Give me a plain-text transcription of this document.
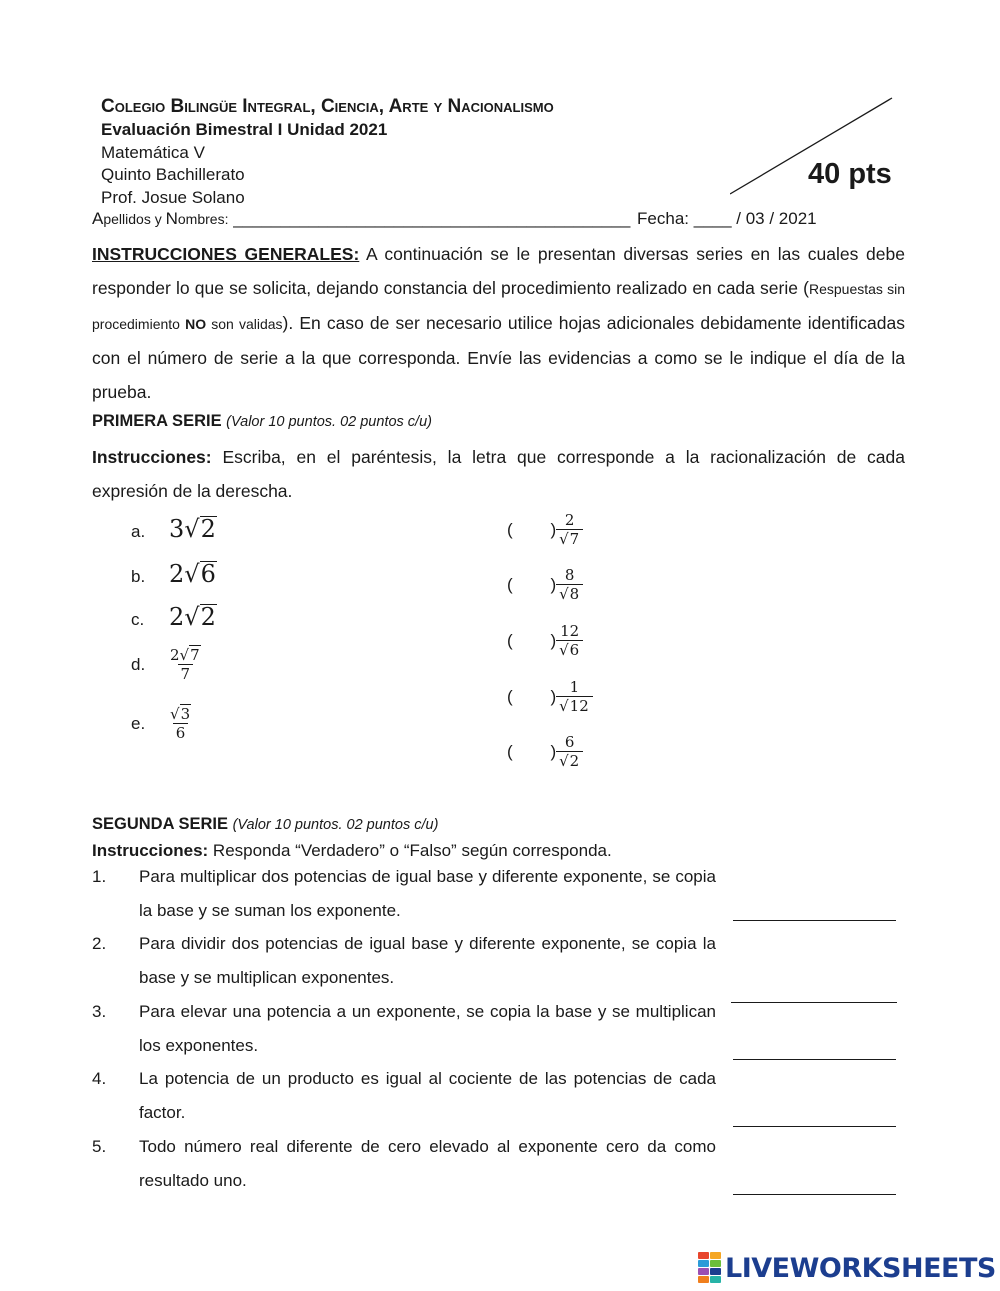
Colegio Bilingüe Integral, Ciencia, Arte y Nacionalismo
Evaluación Bimestral I Unidad 2021
Matemática V
Quinto Bachillerato
Prof. Josue Solano
40 pts
Apellidos y Nombres: __________________________________________ Fecha: ____ / 03 / 2021
INSTRUCCIONES GENERALES: A continuación se le presentan diversas series en las cuales debe responder lo que se solicita, dejando constancia del procedimiento realizado en cada serie (Respuestas sin procedimiento NO son validas). En caso de ser necesario utilice hojas adicionales debidamente identificadas con el número de serie a la que corresponda. Envíe las evidencias a como se le indique el día de la prueba.
PRIMERA SERIE (Valor 10 puntos. 02 puntos c/u)
Instrucciones: Escriba, en el paréntesis, la letra que corresponde a la racionalización de cada expresión de la derescha.
a. 3√2
b. 2√6
c. 2√2
d.	$\frac{2√7}{7}$
e.	$\frac{√3}{6}$
(        ) $\frac{2}{√7}$
(        ) $\frac{8}{√8}$
(        ) $\frac{12}{√6}$
(        ) $\frac{1}{√12}$
(        ) $\frac{6}{√2}$
SEGUNDA SERIE (Valor 10 puntos. 02 puntos c/u)
Instrucciones: Responda “Verdadero” o “Falso” según corresponda.
1. Para multiplicar dos potencias de igual base y diferente exponente, se copia la base y se suman los exponente.
2. Para dividir dos potencias de igual base y diferente exponente, se copia la base y se multiplican exponentes.
3. Para elevar una potencia a un exponente, se copia la base y se multiplican los exponentes.
4. La potencia de un producto es igual al cociente de las potencias de cada factor.
5. Todo número real diferente de cero elevado al exponente cero da como resultado uno.
LIVEWORKSHEETS
